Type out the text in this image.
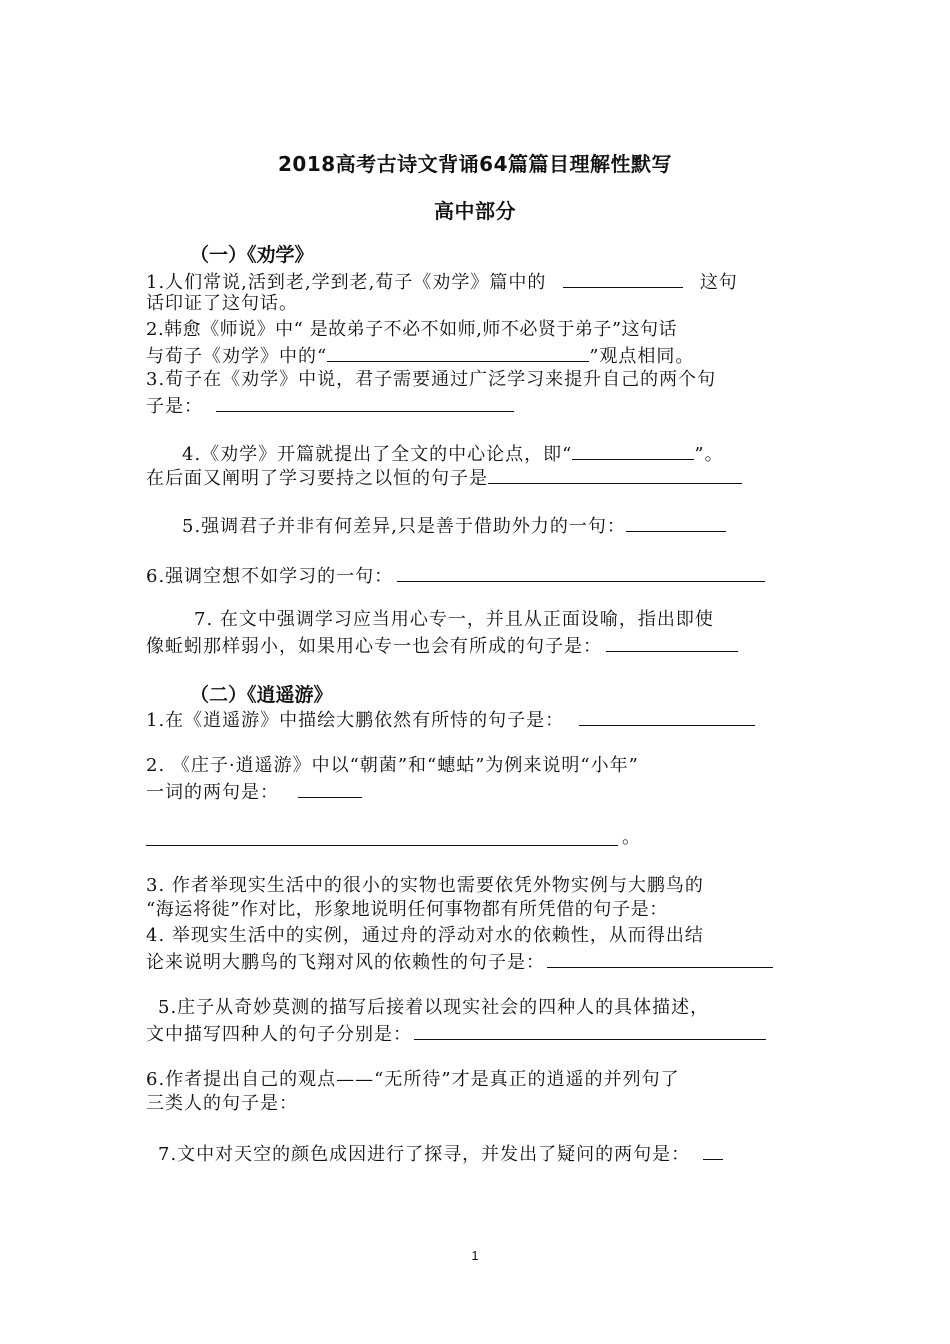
2018高考古诗文背诵64篇篇目理解性默写
高中部分
（一）《劝学》
1.人们常说,活到老,学到老,荀子《劝学》篇中的	这句
话印证了这句话。
2.韩愈《师说》中“ 是故弟子不必不如师,师不必贤于弟子”这句话
与荀子《劝学》中的“	”观点相同。
3.荀子在《劝学》中说，君子需要通过广泛学习来提升自己的两个句
子是：
4.《劝学》开篇就提出了全文的中心论点，即“	”。
在后面又阐明了学习要持之以恒的句子是
5.强调君子并非有何差异,只是善于借助外力的一句：
6.强调空想不如学习的一句：
7. 在文中强调学习应当用心专一，并且从正面设喻，指出即使
像蚯蚓那样弱小，如果用心专一也会有所成的句子是：
（二）《逍遥游》
1.在《逍遥游》中描绘大鹏依然有所恃的句子是：
2. 《庄子·逍遥游》中以“朝菌”和“蟪蛄”为例来说明“小年”
一词的两句是：
。
3. 作者举现实生活中的很小的实物也需要依凭外物实例与大鹏鸟的
“海运将徙”作对比，形象地说明任何事物都有所凭借的句子是：
4. 举现实生活中的实例，通过舟的浮动对水的依赖性，从而得出结
论来说明大鹏鸟的飞翔对风的依赖性的句子是：
5.庄子从奇妙莫测的描写后接着以现实社会的四种人的具体描述，
文中描写四种人的句子分别是：
6.作者提出自己的观点——“无所待”才是真正的逍遥的并列句了
三类人的句子是：
7.文中对天空的颜色成因进行了探寻，并发出了疑问的两句是：
1
